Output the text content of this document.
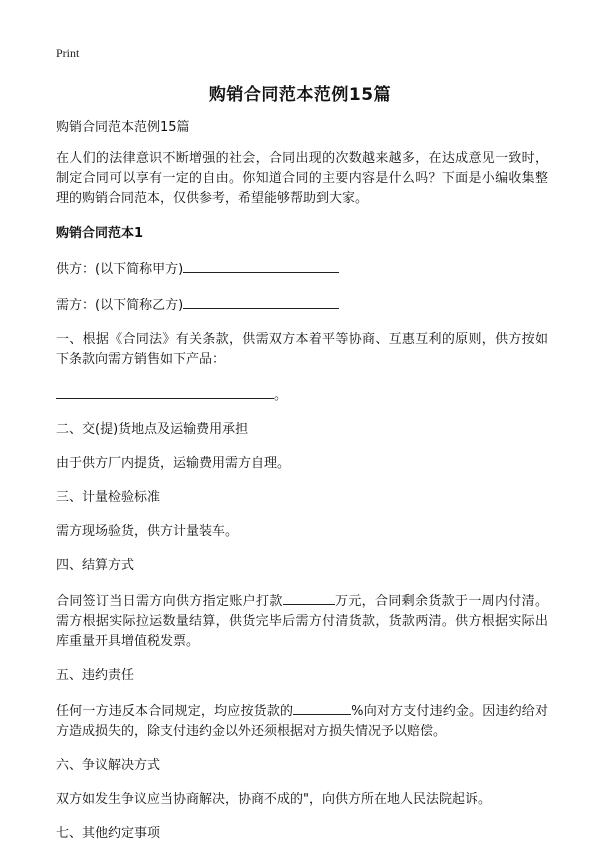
Print
购销合同范本范例15篇

购销合同范本范例15篇

在人们的法律意识不断增强的社会，合同出现的次数越来越多，在达成意见一致时，制定合同可以享有一定的自由。你知道合同的主要内容是什么吗？下面是小编收集整理的购销合同范本，仅供参考，希望能够帮助到大家。

购销合同范本1

供方：(以下简称甲方)

需方：(以下简称乙方)

一、根据《合同法》有关条款，供需双方本着平等协商、互惠互利的原则，供方按如下条款向需方销售如下产品：

。

二、交(提)货地点及运输费用承担

由于供方厂内提货，运输费用需方自理。

三、计量检验标准

需方现场验货，供方计量装车。

四、结算方式

合同签订当日需方向供方指定账户打款	万元，合同剩余货款于一周内付清。需方根据实际拉运数量结算，供货完毕后需方付清货款，货款两清。供方根据实际出库重量开具增值税发票。

五、违约责任

任何一方违反本合同规定，均应按货款的	%向对方支付违约金。因违约给对方造成损失的，除支付违约金以外还须根据对方损失情况予以赔偿。

六、争议解决方式

双方如发生争议应当协商解决，协商不成的"，向供方所在地人民法院起诉。

七、其他约定事项
